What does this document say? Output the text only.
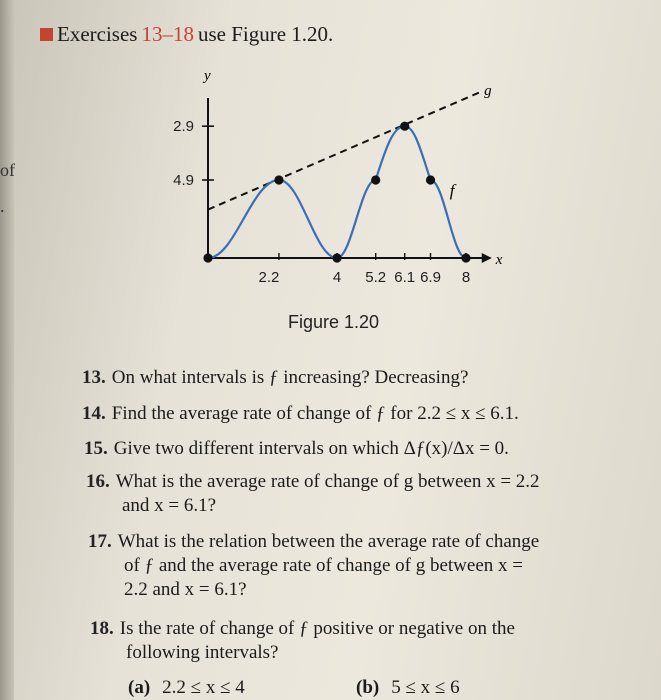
of
.
Exercises 13–18 use Figure 1.20.
4.9
2.9
2.2	4 5.2 6.1 6.9 8
y
x
f
g
Figure 1.20
13. On what intervals is ƒ increasing? Decreasing?
14. Find the average rate of change of ƒ for 2.2 ≤ x ≤ 6.1.
15. Give two different intervals on which Δƒ(x)/Δx = 0.
16. What is the average rate of change of g between x = 2.2
and x = 6.1?
17. What is the relation between the average rate of change
of ƒ and the average rate of change of g between x =
2.2 and x = 6.1?
18. Is the rate of change of ƒ positive or negative on the
following intervals?
(a) 2.2 ≤ x ≤ 4	(b) 5 ≤ x ≤ 6
